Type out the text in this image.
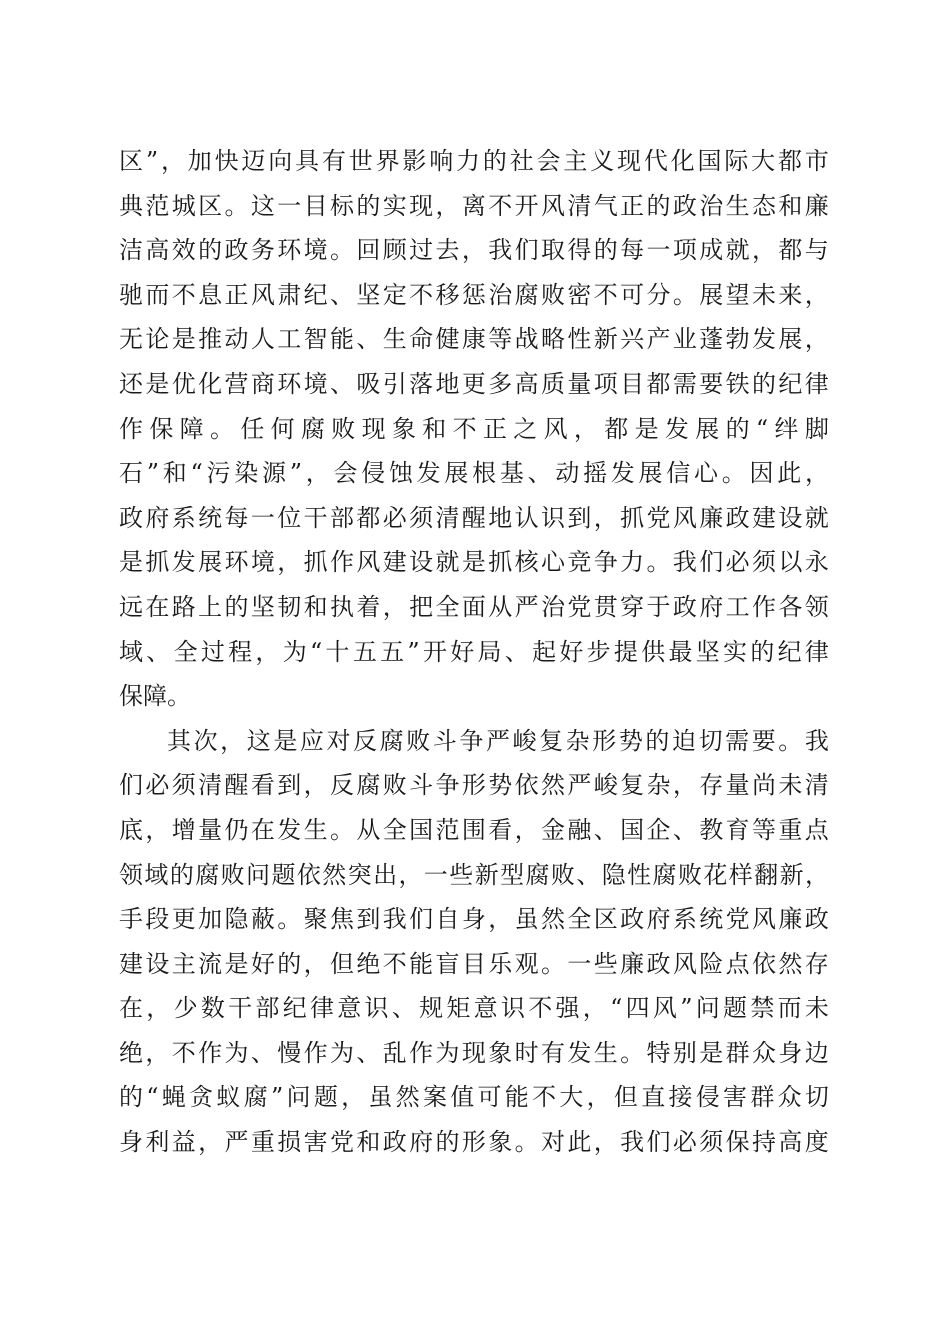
区 ” ， 加 快 迈 向 具 有 世 界 影 响 力 的 社 会 主 义 现 代 化 国 际 大 都 市
典 范 城 区 。 这 一 目 标 的 实 现 ， 离 不 开 风 清 气 正 的 政 治 生 态 和 廉
洁 高 效 的 政 务 环 境 。 回 顾 过 去 ， 我 们 取 得 的 每 一 项 成 就 ， 都 与
驰 而 不 息 正 风 肃 纪 、 坚 定 不 移 惩 治 腐 败 密 不 可 分 。 展 望 未 来 ，
无 论 是 推 动 人 工 智 能 、 生 命 健 康 等 战 略 性 新 兴 产 业 蓬 勃 发 展 ，
还 是 优 化 营 商 环 境 、 吸 引 落 地 更 多 高 质 量 项 目 都 需 要 铁 的 纪 律
作 保 障 。 任 何 腐 败 现 象 和 不 正 之 风 ， 都 是 发 展 的 “ 绊 脚
石 ” 和 “ 污 染 源 ” ， 会 侵 蚀 发 展 根 基 、 动 摇 发 展 信 心 。 因 此 ，
政 府 系 统 每 一 位 干 部 都 必 须 清 醒 地 认 识 到 ， 抓 党 风 廉 政 建 设 就
是 抓 发 展 环 境 ， 抓 作 风 建 设 就 是 抓 核 心 竞 争 力 。 我 们 必 须 以 永
远 在 路 上 的 坚 韧 和 执 着 ， 把 全 面 从 严 治 党 贯 穿 于 政 府 工 作 各 领
域 、 全 过 程 ， 为 “ 十 五 五 ” 开 好 局 、 起 好 步 提 供 最 坚 实 的 纪 律
保 障 。
其 次 ， 这 是 应 对 反 腐 败 斗 争 严 峻 复 杂 形 势 的 迫 切 需 要 。 我
们 必 须 清 醒 看 到 ， 反 腐 败 斗 争 形 势 依 然 严 峻 复 杂 ， 存 量 尚 未 清
底 ， 增 量 仍 在 发 生 。 从 全 国 范 围 看 ， 金 融 、 国 企 、 教 育 等 重 点
领 域 的 腐 败 问 题 依 然 突 出 ， 一 些 新 型 腐 败 、 隐 性 腐 败 花 样 翻 新 ，
手 段 更 加 隐 蔽 。 聚 焦 到 我 们 自 身 ， 虽 然 全 区 政 府 系 统 党 风 廉 政
建 设 主 流 是 好 的 ， 但 绝 不 能 盲 目 乐 观 。 一 些 廉 政 风 险 点 依 然 存
在 ， 少 数 干 部 纪 律 意 识 、 规 矩 意 识 不 强 ， “ 四 风 ” 问 题 禁 而 未
绝 ， 不 作 为 、 慢 作 为 、 乱 作 为 现 象 时 有 发 生 。 特 别 是 群 众 身 边
的 “ 蝇 贪 蚁 腐 ” 问 题 ， 虽 然 案 值 可 能 不 大 ， 但 直 接 侵 害 群 众 切
身 利 益 ， 严 重 损 害 党 和 政 府 的 形 象 。 对 此 ， 我 们 必 须 保 持 高 度
